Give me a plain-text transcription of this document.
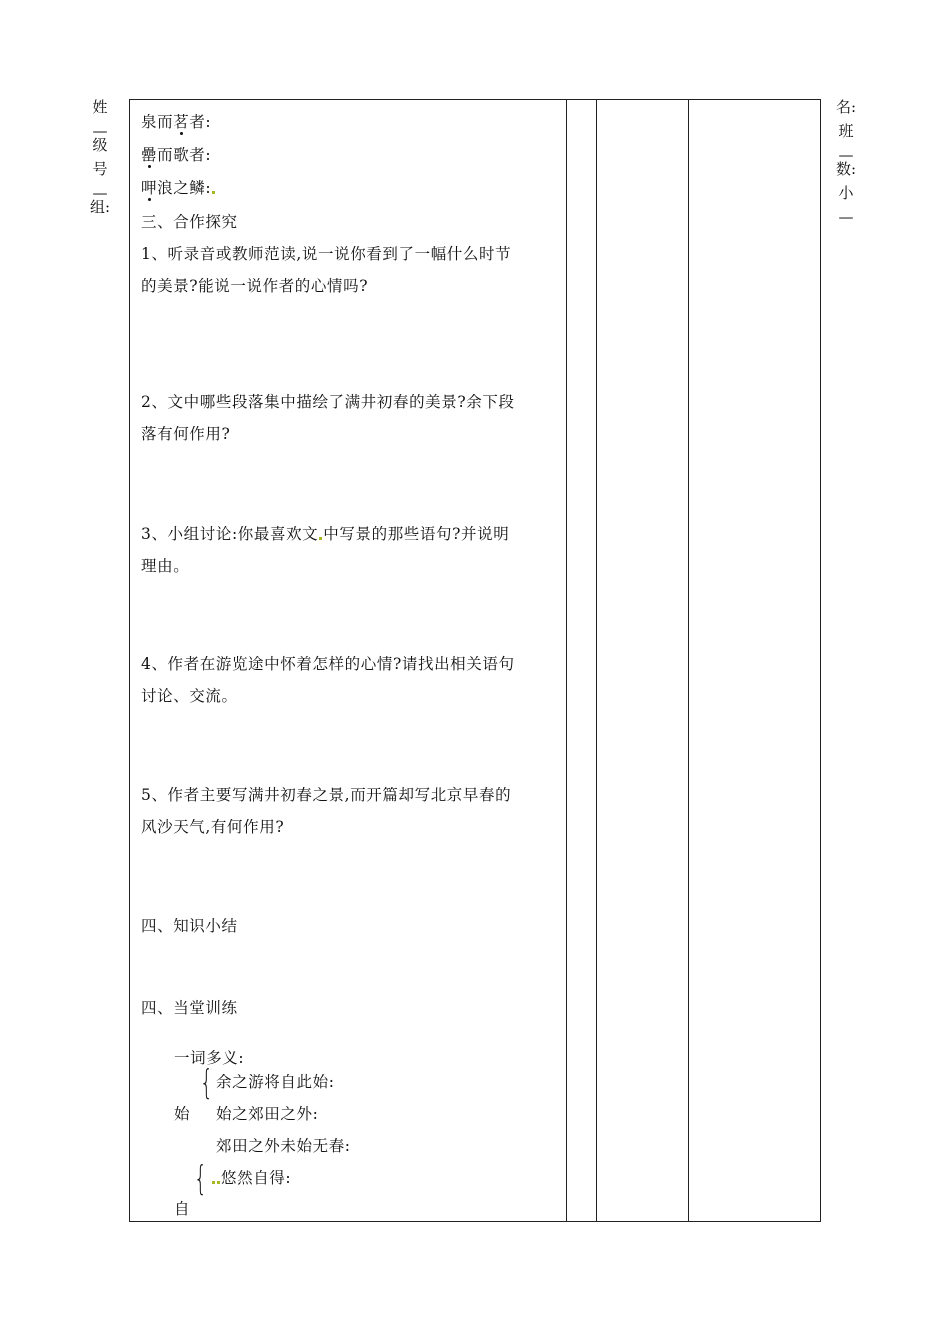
姓
—
级
号
—
组:
名:
班
—
数:
小
—
泉而茗者:
罍而歌者:
呷浪之鳞:
三、合作探究
1、听录音或教师范读,说一说你看到了一幅什么时节
的美景?能说一说作者的心情吗?
2、文中哪些段落集中描绘了满井初春的美景?余下段
落有何作用?
3、小组讨论:你最喜欢文 中写景的那些语句?并说明
理由。
4、作者在游览途中怀着怎样的心情?请找出相关语句
讨论、交流。
5、作者主要写满井初春之景,而开篇却写北京早春的
风沙天气,有何作用?
四、知识小结
四、当堂训练
一词多义:
{ 余之游将自此始:
始 始之郊田之外:
郊田之外未始无春:
{ 悠然自得:
自
